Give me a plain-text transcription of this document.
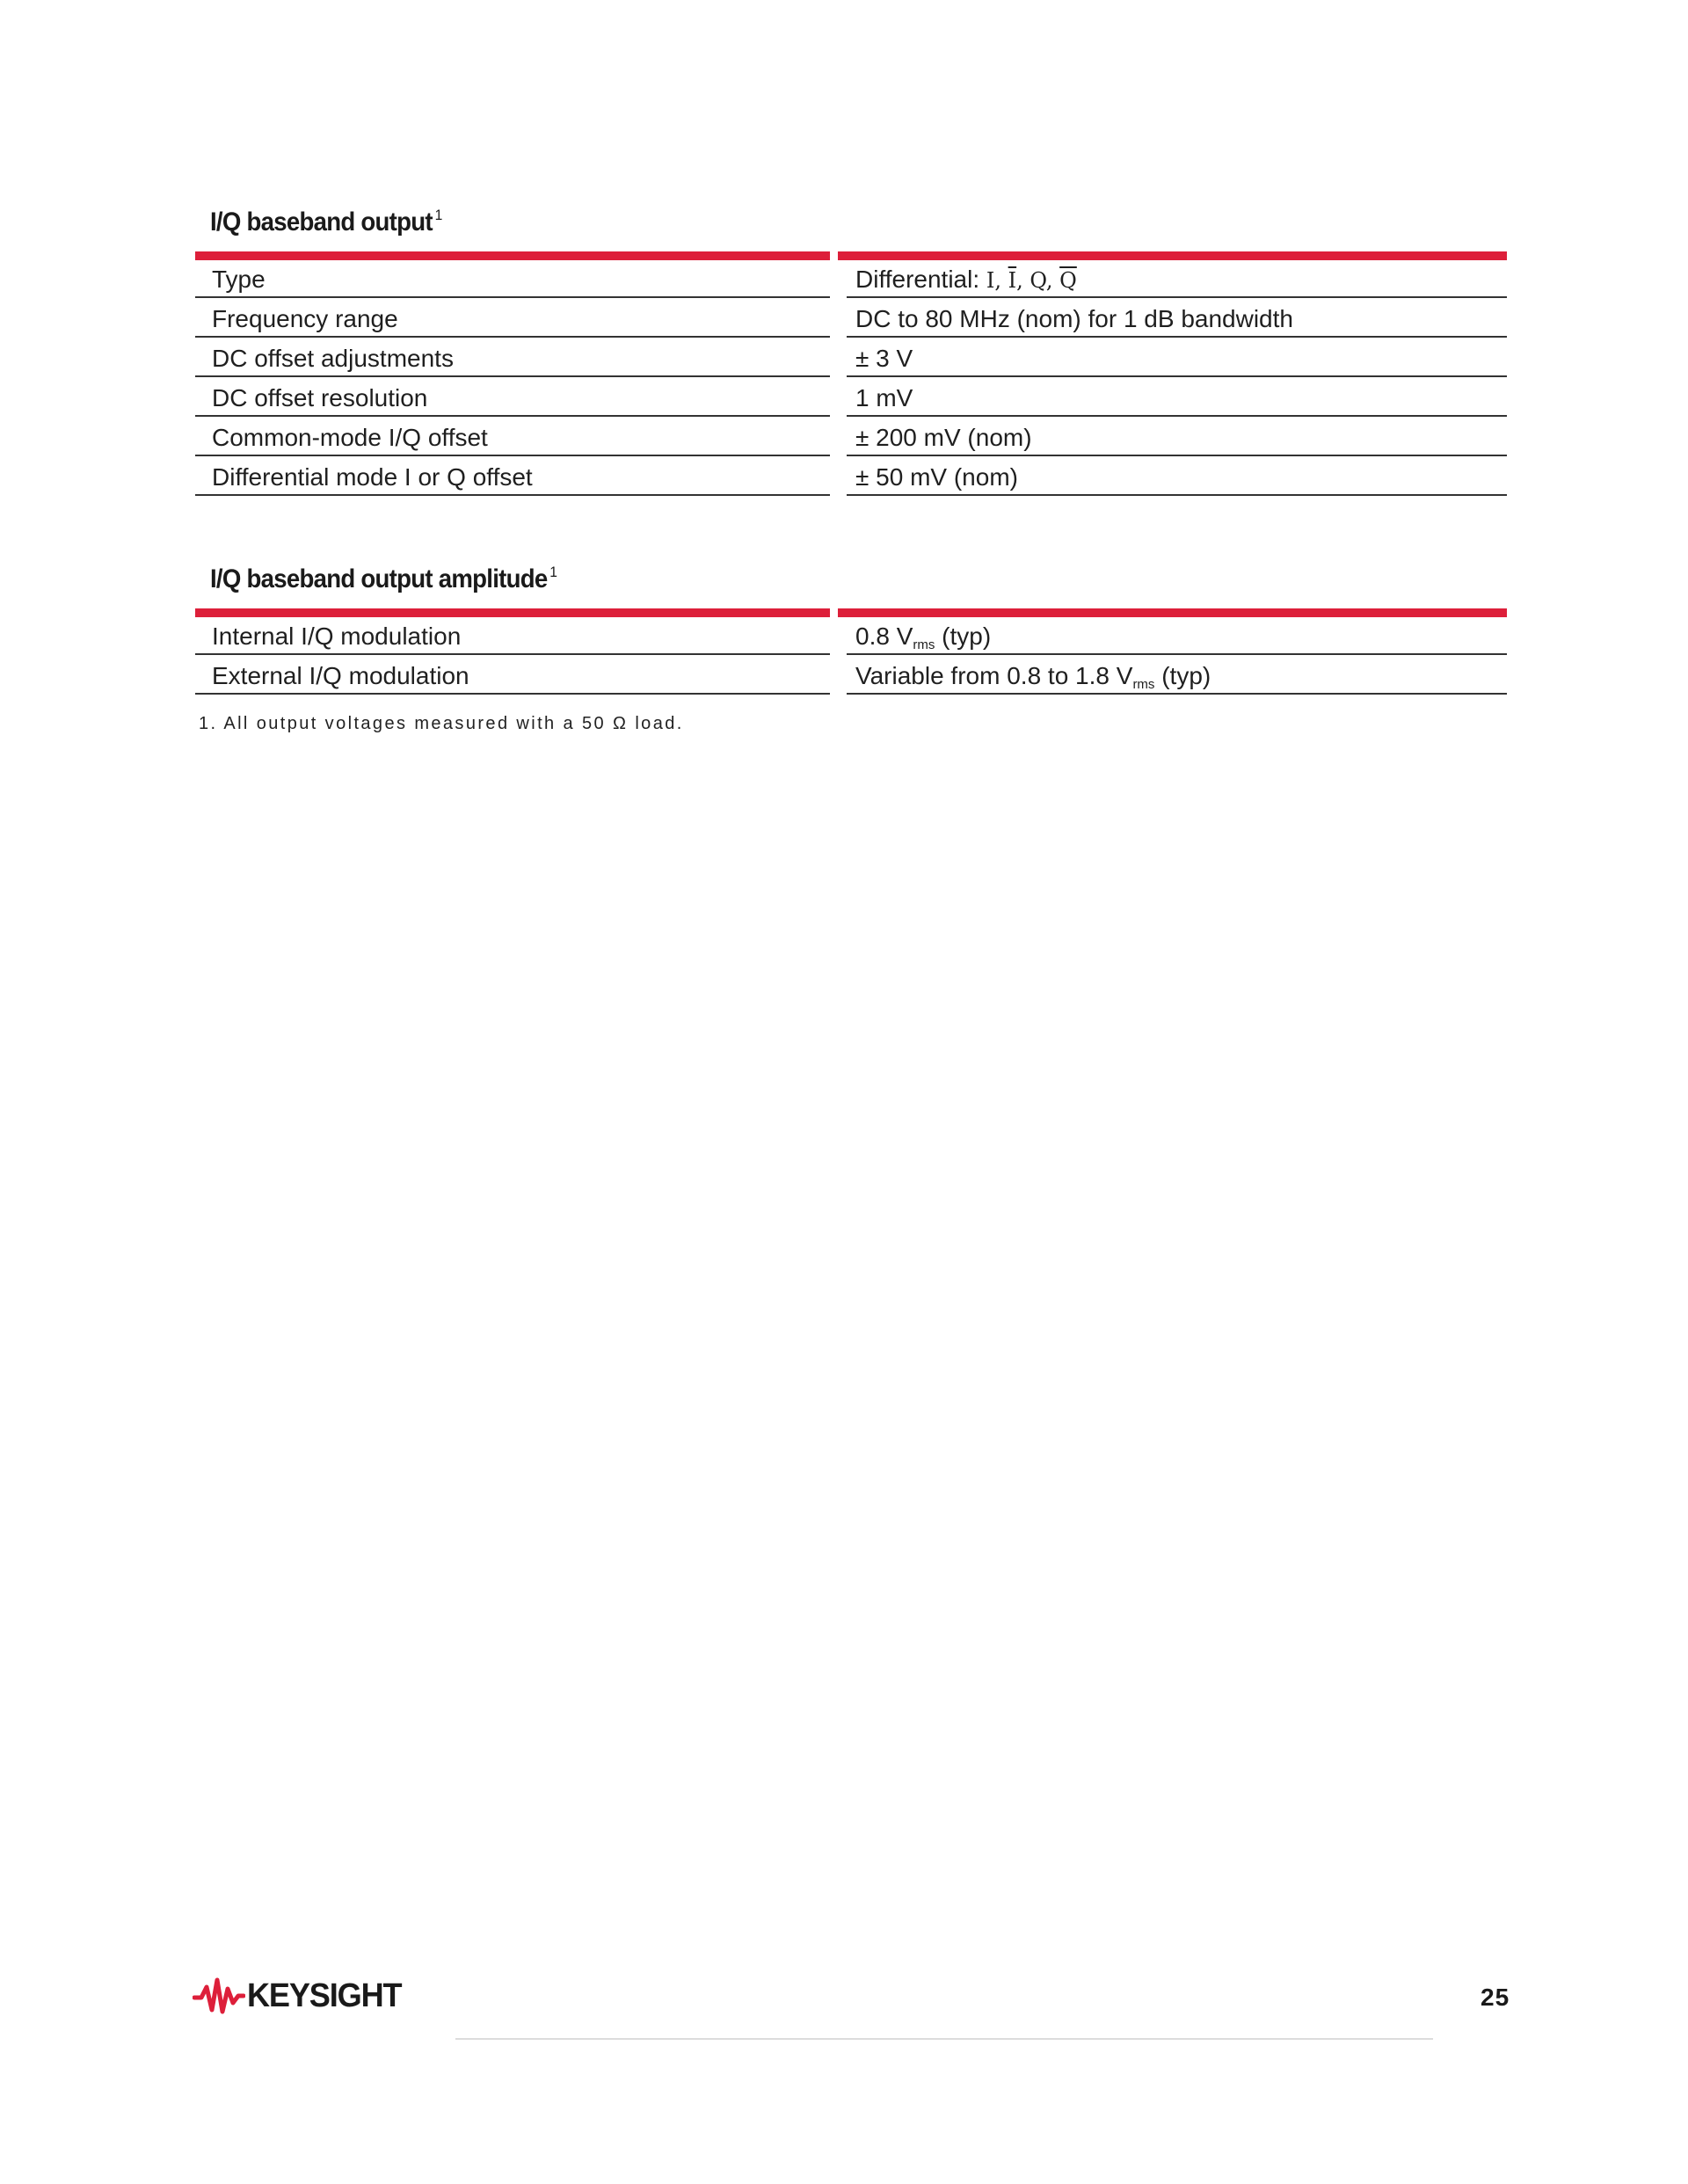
I/Q baseband output $^1$
Type	Differential: I, $\overline{I}$, Q, $\overline{Q}$
Frequency range	DC to 80 MHz (nom) for 1 dB bandwidth
DC offset adjustments	± 3 V
DC offset resolution	1 mV
Common-mode I/Q offset	± 200 mV (nom)
Differential mode I or Q offset	± 50 mV (nom)
I/Q baseband output amplitude $^1$
Internal I/Q modulation	0.8 Vrms (typ)
External I/Q modulation	Variable from 0.8 to 1.8 Vrms (typ)
1. All output voltages measured with a 50 Ω load.
KEYSIGHT	25
